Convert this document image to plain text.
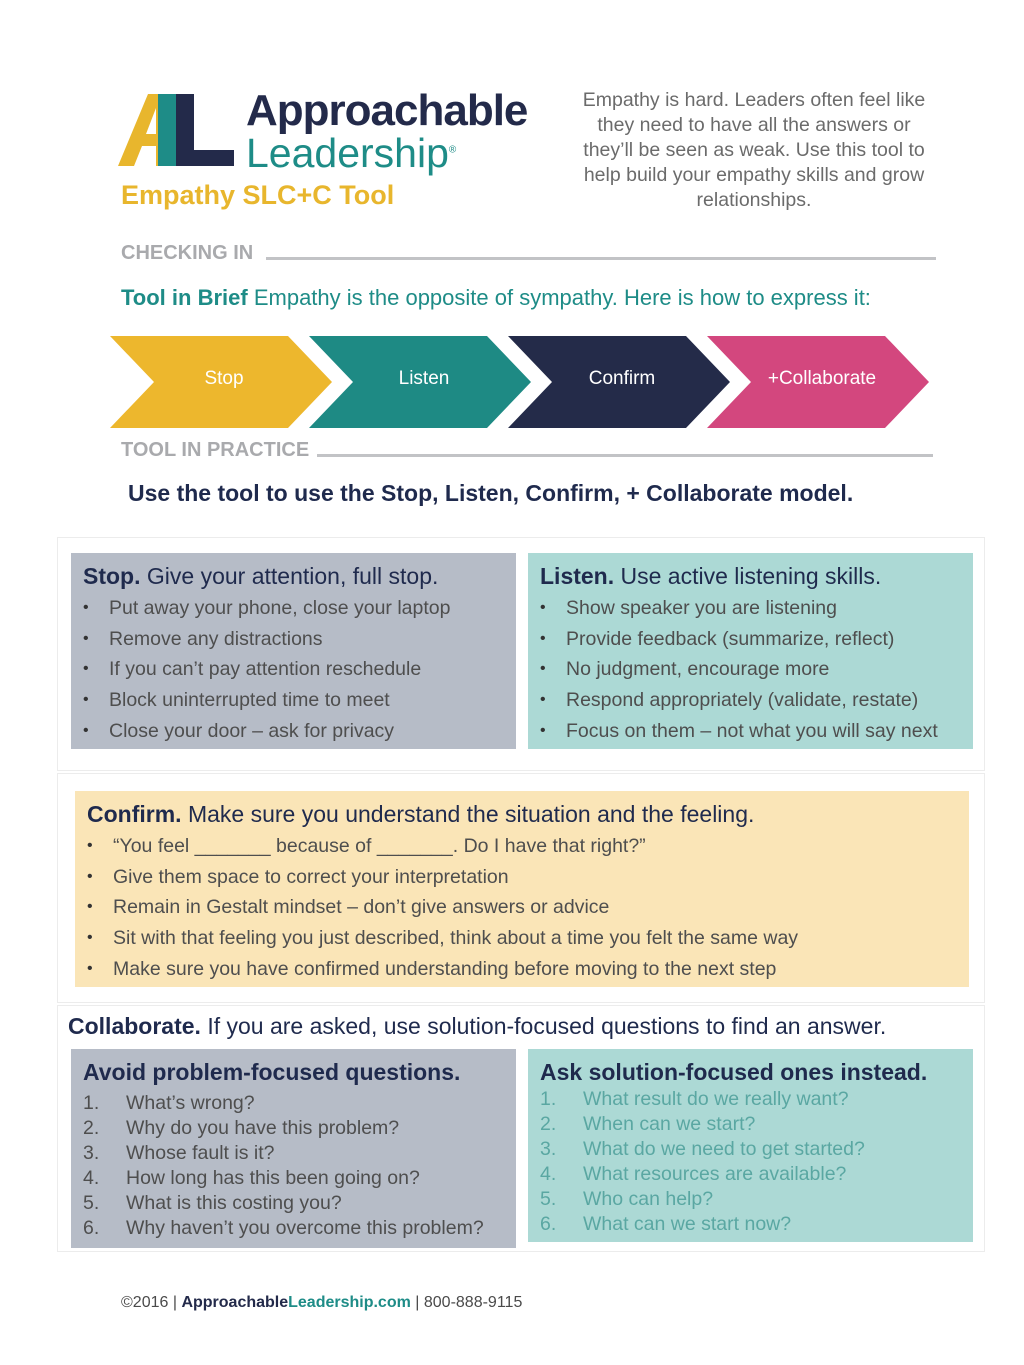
Approachable
Leadership®
Empathy SLC+C Tool
Empathy is hard. Leaders often feel like they need to have all the answers or they’ll be seen as weak. Use this tool to help build your empathy skills and grow relationships.
CHECKING IN
Tool in Brief Empathy is the opposite of sympathy. Here is how to express it:
Stop	Listen	Confirm	+Collaborate
TOOL IN PRACTICE
Use the tool to use the Stop, Listen, Confirm, + Collaborate model.
Stop. Give your attention, full stop.
• Put away your phone, close your laptop
• Remove any distractions
• If you can’t pay attention reschedule
• Block uninterrupted time to meet
• Close your door – ask for privacy
Listen. Use active listening skills.
• Show speaker you are listening
• Provide feedback (summarize, reflect)
• No judgment, encourage more
• Respond appropriately (validate, restate)
• Focus on them – not what you will say next
Confirm. Make sure you understand the situation and the feeling.
• “You feel _______ because of _______. Do I have that right?”
• Give them space to correct your interpretation
• Remain in Gestalt mindset – don’t give answers or advice
• Sit with that feeling you just described, think about a time you felt the same way
• Make sure you have confirmed understanding before moving to the next step
Collaborate. If you are asked, use solution-focused questions to find an answer.
Avoid problem-focused questions.
1. What’s wrong?
2. Why do you have this problem?
3. Whose fault is it?
4. How long has this been going on?
5. What is this costing you?
6. Why haven’t you overcome this problem?
Ask solution-focused ones instead.
1. What result do we really want?
2. When can we start?
3. What do we need to get started?
4. What resources are available?
5. Who can help?
6. What can we start now?
©2016 | ApproachableLeadership.com | 800-888-9115
